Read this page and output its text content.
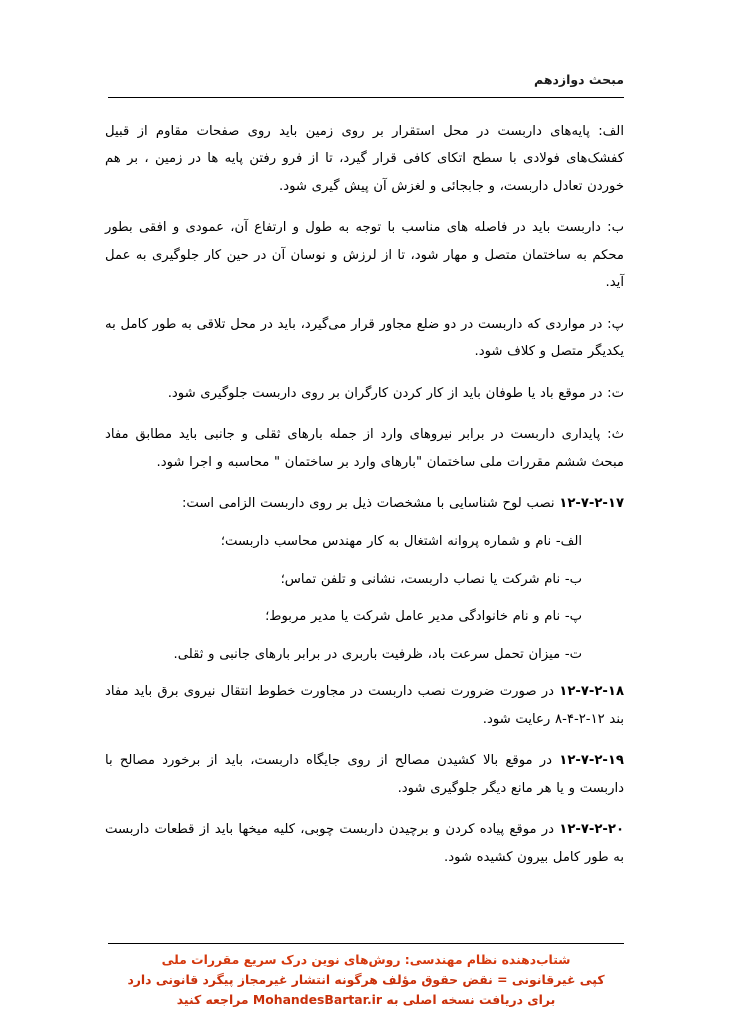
مبحث دوازدهم

الف: پایه‌های داربست در محل استقرار بر روی زمین باید روی صفحات مقاوم از قبیل کفشک‌های فولادی با سطح اتکای کافی قرار گیرد، تا از فرو رفتن پایه ها در زمین ، بر هم خوردن تعادل داربست، و جابجائی و لغزش آن پیش گیری شود.

ب: داربست باید در فاصله های مناسب با توجه به طول و ارتفاع آن، عمودی و افقی بطور محکم به ساختمان متصل و مهار شود، تا از لرزش و نوسان آن در حین کار جلوگیری به عمل آید.

پ: در مواردی که داربست در دو ضلع مجاور قرار می‌گیرد، باید در محل تلاقی به طور کامل به یکدیگر متصل و کلاف شود.

ت: در موقع باد یا طوفان باید از کار کردن کارگران بر روی داربست جلوگیری شود.

ث: پایداری داربست در برابر نیروهای وارد از جمله بارهای ثقلی و جانبی باید مطابق مفاد مبحث ششم مقررات ملی ساختمان "بارهای وارد بر ساختمان " محاسبه و اجرا شود.

۱۲-۷-۲-۱۷ نصب لوح شناسایی با مشخصات ذیل بر روی داربست الزامی است:

الف- نام و شماره پروانه اشتغال به کار مهندس محاسب داربست؛

ب- نام شرکت یا نصاب داربست، نشانی و تلفن تماس؛

پ- نام و نام خانوادگی مدیر عامل شرکت یا مدیر مربوط؛

ت- میزان تحمل سرعت باد، ظرفیت باربری در برابر بارهای جانبی و ثقلی.

۱۲-۷-۲-۱۸ در صورت ضرورت نصب داربست در مجاورت خطوط انتقال نیروی برق باید مفاد بند ۱۲-۲-۴-۸ رعایت شود.

۱۲-۷-۲-۱۹ در موقع بالا کشیدن مصالح از روی جایگاه داربست، باید از برخورد مصالح با داربست و یا هر مانع دیگر جلوگیری شود.

۱۲-۷-۲-۲۰ در موقع پیاده کردن و برچیدن داربست چوبی، کلیه میخها باید از قطعات داربست به طور کامل بیرون کشیده شود.

شتاب‌دهنده نظام مهندسی: روش‌های نوین درک سریع مقررات ملی
کپی غیرقانونی = نقض حقوق مؤلف هرگونه انتشار غیرمجاز پیگرد قانونی دارد
برای دریافت نسخه اصلی به MohandesBartar.ir مراجعه کنید
